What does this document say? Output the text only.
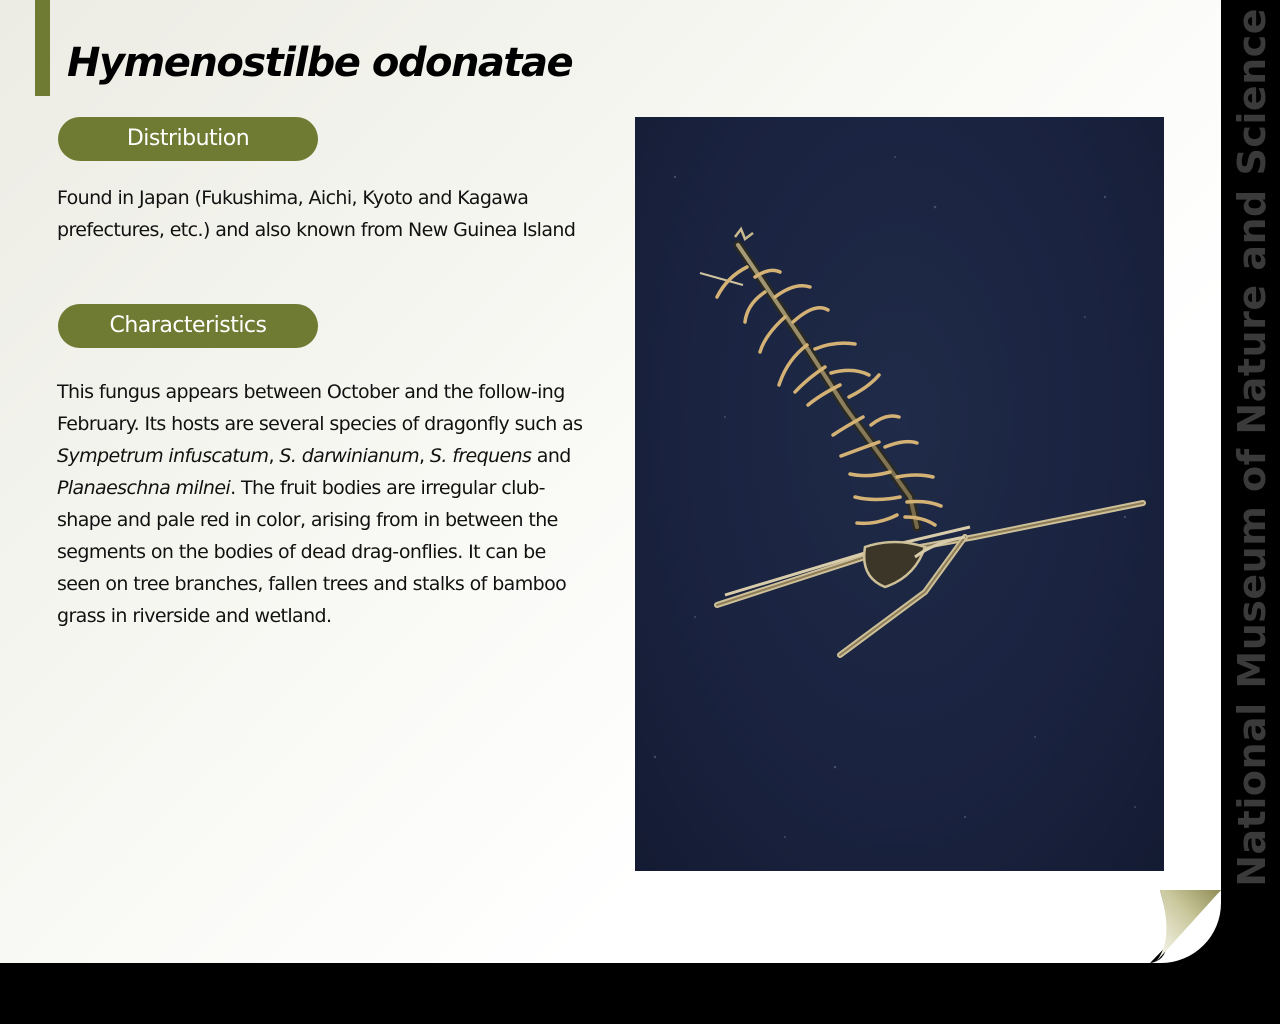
Hymenostilbe odonatae
Distribution

Found in Japan (Fukushima, Aichi, Kyoto and Kagawa prefectures, etc.) and also known from New Guinea Island

Characteristics

This fungus appears between October and the follow-ing February. Its hosts are several species of dragonfly such as Sympetrum infuscatum, S. darwinianum, S. frequens and Planaeschna milnei. The fruit bodies are irregular club-shape and pale red in color, arising from in between the segments on the bodies of dead drag-onflies. It can be seen on tree branches, fallen trees and stalks of bamboo grass in riverside and wetland.	National Museum of Nature and Science
